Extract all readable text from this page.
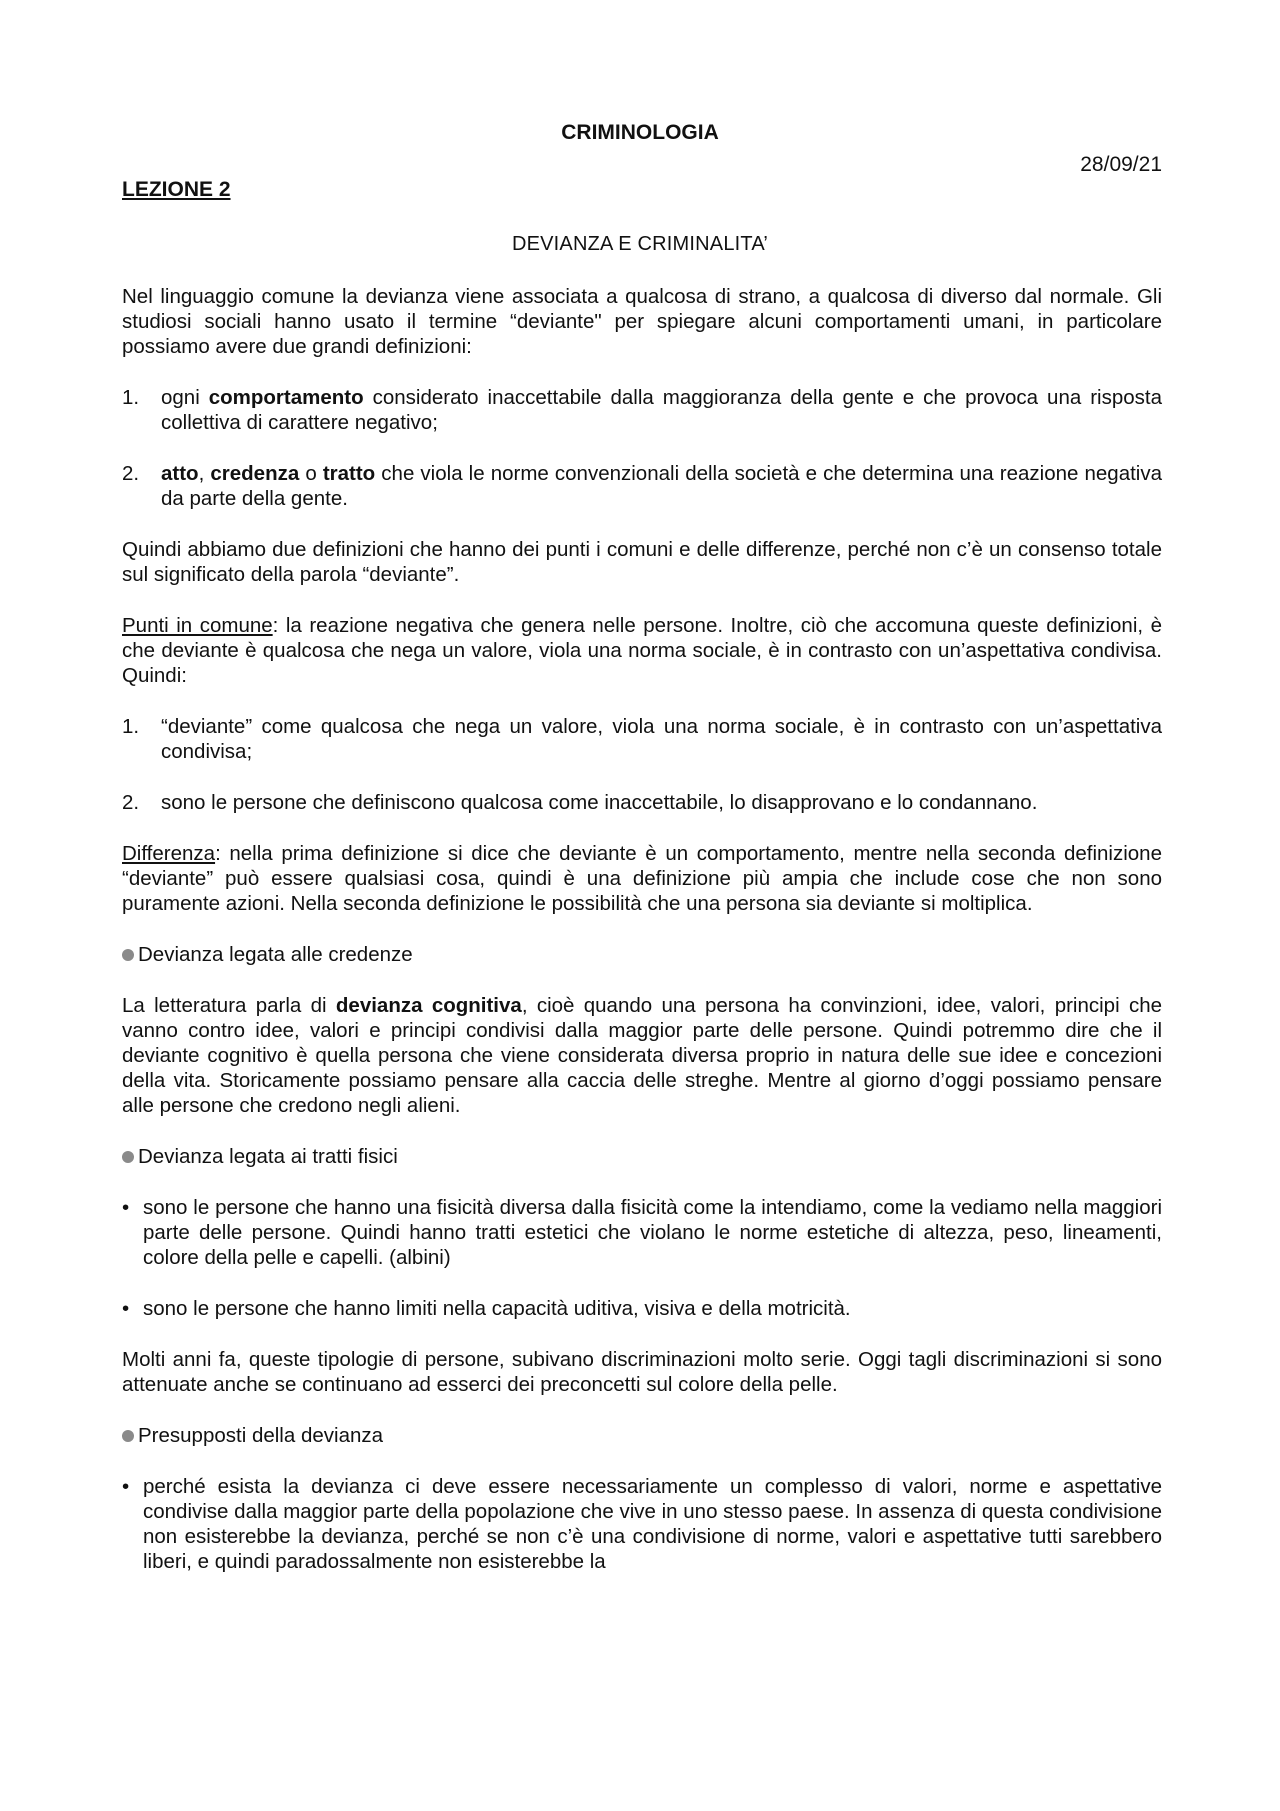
CRIMINOLOGIA
28/09/21
LEZIONE 2
DEVIANZA E CRIMINALITA’

Nel linguaggio comune la devianza viene associata a qualcosa di strano, a qualcosa di diverso dal normale. Gli studiosi sociali hanno usato il termine “deviante" per spiegare alcuni comportamenti umani, in particolare possiamo avere due grandi definizioni:

1. ogni comportamento considerato inaccettabile dalla maggioranza della gente e che provoca una risposta collettiva di carattere negativo;
2. atto, credenza o tratto che viola le norme convenzionali della società e che determina una reazione negativa da parte della gente.

Quindi abbiamo due definizioni che hanno dei punti i comuni e delle differenze, perché non c’è un consenso totale sul significato della parola “deviante”.

Punti in comune: la reazione negativa che genera nelle persone. Inoltre, ciò che accomuna queste definizioni, è che deviante è qualcosa che nega un valore, viola una norma sociale, è in contrasto con un’aspettativa condivisa. Quindi:

1. “deviante” come qualcosa che nega un valore, viola una norma sociale, è in contrasto con un’aspettativa condivisa;
2. sono le persone che definiscono qualcosa come inaccettabile, lo disapprovano e lo condannano.

Differenza: nella prima definizione si dice che deviante è un comportamento, mentre nella seconda definizione “deviante” può essere qualsiasi cosa, quindi è una definizione più ampia che include cose che non sono puramente azioni. Nella seconda definizione le possibilità che una persona sia deviante si moltiplica.

Devianza legata alle credenze

La letteratura parla di devianza cognitiva, cioè quando una persona ha convinzioni, idee, valori, principi che vanno contro idee, valori e principi condivisi dalla maggior parte delle persone. Quindi potremmo dire che il deviante cognitivo è quella persona che viene considerata diversa proprio in natura delle sue idee e concezioni della vita. Storicamente possiamo pensare alla caccia delle streghe. Mentre al giorno d’oggi possiamo pensare alle persone che credono negli alieni.

Devianza legata ai tratti fisici
• sono le persone che hanno una fisicità diversa dalla fisicità come la intendiamo, come la vediamo nella maggiori parte delle persone. Quindi hanno tratti estetici che violano le norme estetiche di altezza, peso, lineamenti, colore della pelle e capelli. (albini)
• sono le persone che hanno limiti nella capacità uditiva, visiva e della motricità.

Molti anni fa, queste tipologie di persone, subivano discriminazioni molto serie. Oggi tagli discriminazioni si sono attenuate anche se continuano ad esserci dei preconcetti sul colore della pelle.

Presupposti della devianza
• perché esista la devianza ci deve essere necessariamente un complesso di valori, norme e aspettative condivise dalla maggior parte della popolazione che vive in uno stesso paese. In assenza di questa condivisione non esisterebbe la devianza, perché se non c’è una condivisione di norme, valori e aspettative tutti sarebbero liberi, e quindi paradossalmente non esisterebbe la
